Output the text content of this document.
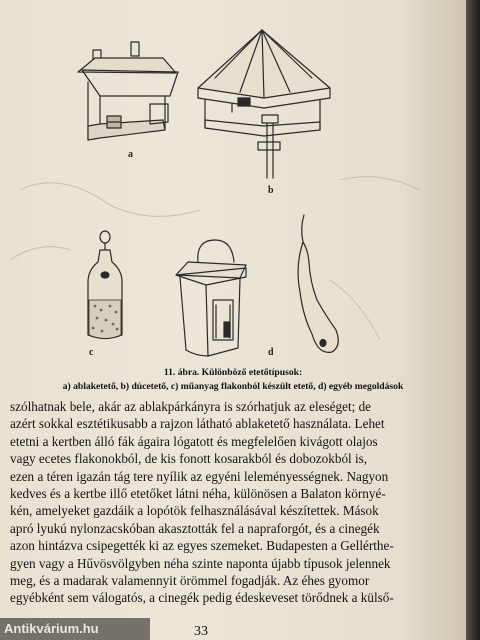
a
b
c	d
11. ábra. Különböző etetőtípusok:
a) ablaketető, b) dúcetető, c) műanyag flakonból készült etető, d) egyéb megoldások
szólhatnak bele, akár az ablakpárkányra is szórhatjuk az eleséget; de
azért sokkal esztétikusabb a rajzon látható ablaketető használata. Lehet
etetni a kertben álló fák ágaira lógatott és megfelelően kivágott olajos
vagy ecetes flakonokból, de kis fonott kosarakból és dobozokból is,
ezen a téren igazán tág tere nyílik az egyéni leleményességnek. Nagyon
kedves és a kertbe illő etetőket látni néha, különösen a Balaton környé-
kén, amelyeket gazdáik a lopótök felhasználásával készítettek. Mások
apró lyukú nylonzacskóban akasztották fel a napraforgót, és a cinegék
azon hintázva csipegették ki az egyes szemeket. Budapesten a Gellérthe-
gyen vagy a Hűvösvölgyben néha szinte naponta újabb típusok jelennek
meg, és a madarak valamennyit örömmel fogadják. Az éhes gyomor
egyébként sem válogatós, a cinegék pedig édeskeveset törődnek a külső-
33
Antikvárium.hu
